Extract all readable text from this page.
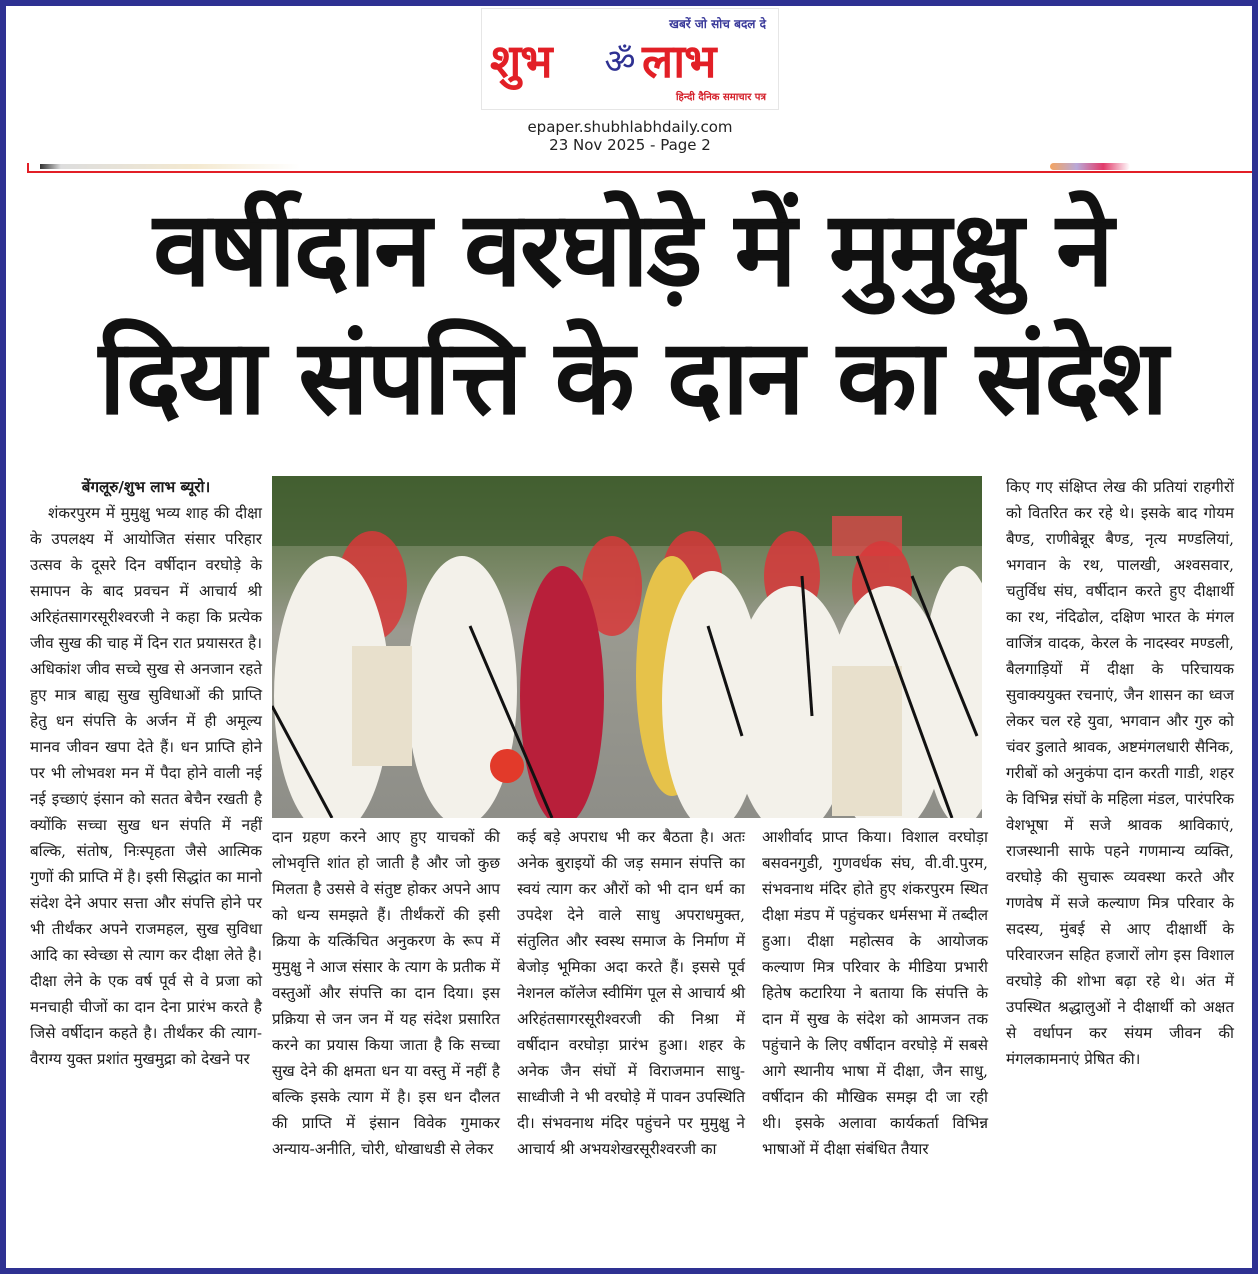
खबरें जो सोच बदल दे
शुभ ॐ लाभ
हिन्दी दैनिक समाचार पत्र
epaper.shubhlabhdaily.com
23 Nov 2025 - Page 2
वर्षीदान वरघोड़े में मुमुक्षु ने
दिया संपत्ति के दान का संदेश
बेंगलूरु/शुभ लाभ ब्यूरो।

शंकरपुरम में मुमुक्षु भव्य शाह की दीक्षा के उपलक्ष्य में आयोजित संसार परिहार उत्सव के दूसरे दिन वर्षीदान वरघोड़े के समापन के बाद प्रवचन में आचार्य श्री अरिहंतसागरसूरीश्वरजी ने कहा कि प्रत्येक जीव सुख की चाह में दिन रात प्रयासरत है। अधिकांश जीव सच्चे सुख से अनजान रहते हुए मात्र बाह्य सुख सुविधाओं की प्राप्ति हेतु धन संपत्ति के अर्जन में ही अमूल्य मानव जीवन खपा देते हैं। धन प्राप्ति होने पर भी लोभवश मन में पैदा होने वाली नई नई इच्छाएं इंसान को सतत बेचैन रखती है क्योंकि सच्चा सुख धन संपति में नहीं बल्कि, संतोष, निःस्पृहता जैसे आत्मिक गुणों की प्राप्ति में है। इसी सिद्धांत का मानो संदेश देने अपार सत्ता और संपत्ति होने पर भी तीर्थंकर अपने राजमहल, सुख सुविधा आदि का स्वेच्छा से त्याग कर दीक्षा लेते है। दीक्षा लेने के एक वर्ष पूर्व से वे प्रजा को मनचाही चीजों का दान देना प्रारंभ करते है जिसे वर्षीदान कहते है। तीर्थंकर की त्याग-वैराग्य युक्त प्रशांत मुखमुद्रा को देखने पर

दान ग्रहण करने आए हुए याचकों की लोभवृत्ति शांत हो जाती है और जो कुछ मिलता है उससे वे संतुष्ट होकर अपने आप को धन्य समझते हैं। तीर्थंकरों की इसी क्रिया के यत्किंचित अनुकरण के रूप में मुमुक्षु ने आज संसार के त्याग के प्रतीक में वस्तुओं और संपत्ति का दान दिया। इस प्रक्रिया से जन जन में यह संदेश प्रसारित करने का प्रयास किया जाता है कि सच्चा सुख देने की क्षमता धन या वस्तु में नहीं है बल्कि इसके त्याग में है। इस धन दौलत की प्राप्ति में इंसान विवेक गुमाकर अन्याय-अनीति, चोरी, धोखाधडी से लेकर

कई बड़े अपराध भी कर बैठता है। अतः अनेक बुराइयों की जड़ समान संपत्ति का स्वयं त्याग कर औरों को भी दान धर्म का उपदेश देने वाले साधु अपराधमुक्त, संतुलित और स्वस्थ समाज के निर्माण में बेजोड़ भूमिका अदा करते हैं। इससे पूर्व नेशनल कॉलेज स्वीमिंग पूल से आचार्य श्री अरिहंतसागरसूरीश्वरजी की निश्रा में वर्षीदान वरघोड़ा प्रारंभ हुआ। शहर के अनेक जैन संघों में विराजमान साधु-साध्वीजी ने भी वरघोड़े में पावन उपस्थिति दी। संभवनाथ मंदिर पहुंचने पर मुमुक्षु ने आचार्य श्री अभयशेखरसूरीश्वरजी का

आशीर्वाद प्राप्त किया। विशाल वरघोड़ा बसवनगुडी, गुणवर्धक संघ, वी.वी.पुरम, संभवनाथ मंदिर होते हुए शंकरपुरम स्थित दीक्षा मंडप में पहुंचकर धर्मसभा में तब्दील हुआ। दीक्षा महोत्सव के आयोजक कल्याण मित्र परिवार के मीडिया प्रभारी हितेष कटारिया ने बताया कि संपत्ति के दान में सुख के संदेश को आमजन तक पहुंचाने के लिए वर्षीदान वरघोड़े में सबसे आगे स्थानीय भाषा में दीक्षा, जैन साधु, वर्षीदान की मौखिक समझ दी जा रही थी। इसके अलावा कार्यकर्ता विभिन्न भाषाओं में दीक्षा संबंधित तैयार

किए गए संक्षिप्त लेख की प्रतियां राहगीरों को वितरित कर रहे थे। इसके बाद गोयम बैण्ड, राणीबेन्नूर बैण्ड, नृत्य मण्डलियां, भगवान के रथ, पालखी, अश्वसवार, चतुर्विध संघ, वर्षीदान करते हुए दीक्षार्थी का रथ, नंदिढोल, दक्षिण भारत के मंगल वाजिंत्र वादक, केरल के नादस्वर मण्डली, बैलगाड़ियों में दीक्षा के परिचायक सुवाक्ययुक्त रचनाएं, जैन शासन का ध्वज लेकर चल रहे युवा, भगवान और गुरु को चंवर डुलाते श्रावक, अष्टमंगलधारी सैनिक, गरीबों को अनुकंपा दान करती गाडी, शहर के विभिन्न संघों के महिला मंडल, पारंपरिक वेशभूषा में सजे श्रावक श्राविकाएं, राजस्थानी साफे पहने गणमान्य व्यक्ति, वरघोड़े की सुचारू व्यवस्था करते और गणवेष में सजे कल्याण मित्र परिवार के सदस्य, मुंबई से आए दीक्षार्थी के परिवारजन सहित हजारों लोग इस विशाल वरघोड़े की शोभा बढ़ा रहे थे। अंत में उपस्थित श्रद्धालुओं ने दीक्षार्थी को अक्षत से वर्धापन कर संयम जीवन की मंगलकामनाएं प्रेषित की।
